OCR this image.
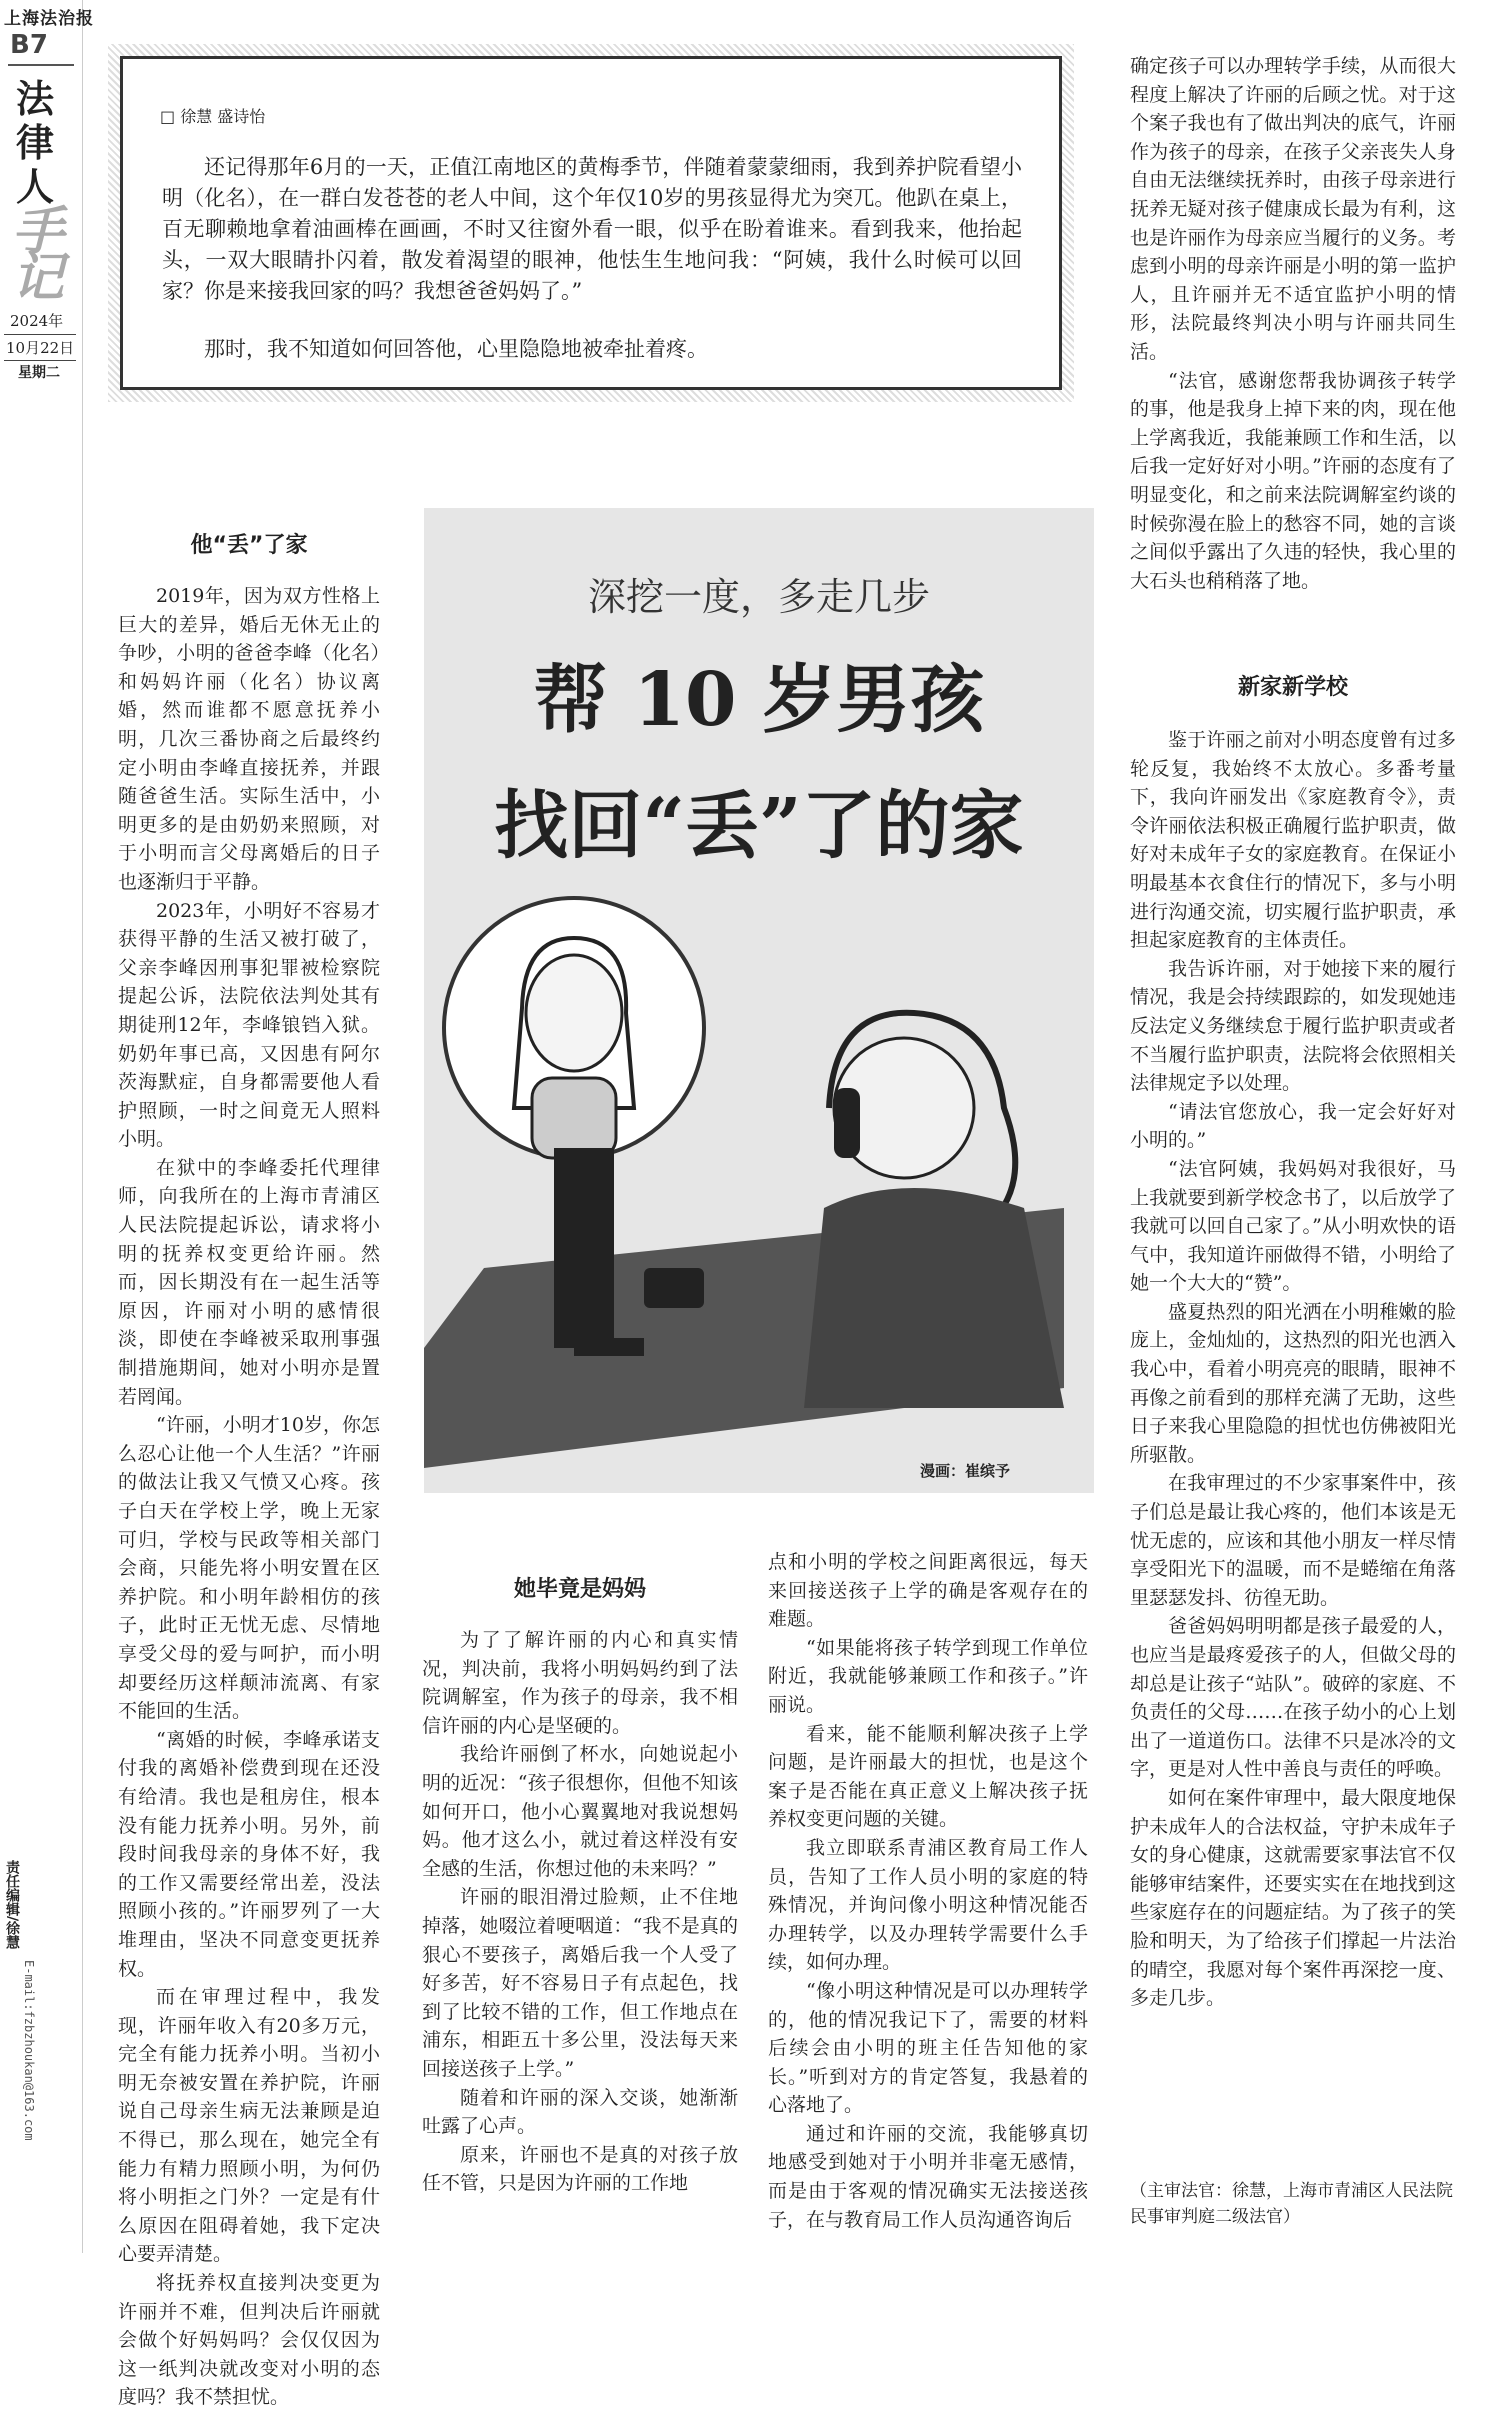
上海法治报
B7
法
律
人
手
记
2024年
10月22日
星期二
责任编辑/徐慧
E-mail:fzbzhoukan@163.com
□ 徐慧 盛诗怡
还记得那年6月的一天，正值江南地区的黄梅季节，伴随着蒙蒙细雨，我到养护院看望小明（化名），在一群白发苍苍的老人中间，这个年仅10岁的男孩显得尤为突兀。他趴在桌上，百无聊赖地拿着油画棒在画画，不时又往窗外看一眼，似乎在盼着谁来。看到我来，他抬起头，一双大眼睛扑闪着，散发着渴望的眼神，他怯生生地问我：“阿姨，我什么时候可以回家？你是来接我回家的吗？我想爸爸妈妈了。”
那时，我不知道如何回答他，心里隐隐地被牵扯着疼。
深挖一度，多走几步
帮 10 岁男孩
找回“丢”了的家
漫画：崔缤予
他“丢”了家

2019年，因为双方性格上巨大的差异，婚后无休无止的争吵，小明的爸爸李峰（化名）和妈妈许丽（化名）协议离婚，然而谁都不愿意抚养小明，几次三番协商之后最终约定小明由李峰直接抚养，并跟随爸爸生活。实际生活中，小明更多的是由奶奶来照顾，对于小明而言父母离婚后的日子也逐渐归于平静。

2023年，小明好不容易才获得平静的生活又被打破了，父亲李峰因刑事犯罪被检察院提起公诉，法院依法判处其有期徒刑12年，李峰锒铛入狱。奶奶年事已高，又因患有阿尔茨海默症，自身都需要他人看护照顾，一时之间竟无人照料小明。

在狱中的李峰委托代理律师，向我所在的上海市青浦区人民法院提起诉讼，请求将小明的抚养权变更给许丽。然而，因长期没有在一起生活等原因，许丽对小明的感情很淡，即使在李峰被采取刑事强制措施期间，她对小明亦是置若罔闻。

“许丽，小明才10岁，你怎么忍心让他一个人生活？”许丽的做法让我又气愤又心疼。孩子白天在学校上学，晚上无家可归，学校与民政等相关部门会商，只能先将小明安置在区养护院。和小明年龄相仿的孩子，此时正无忧无虑、尽情地享受父母的爱与呵护，而小明却要经历这样颠沛流离、有家不能回的生活。

“离婚的时候，李峰承诺支付我的离婚补偿费到现在还没有给清。我也是租房住，根本没有能力抚养小明。另外，前段时间我母亲的身体不好，我的工作又需要经常出差，没法照顾小孩的。”许丽罗列了一大堆理由，坚决不同意变更抚养权。

而在审理过程中，我发现，许丽年收入有20多万元，完全有能力抚养小明。当初小明无奈被安置在养护院，许丽说自己母亲生病无法兼顾是迫不得已，那么现在，她完全有能力有精力照顾小明，为何仍将小明拒之门外？一定是有什么原因在阻碍着她，我下定决心要弄清楚。

将抚养权直接判决变更为许丽并不难，但判决后许丽就会做个好妈妈吗？会仅仅因为这一纸判决就改变对小明的态度吗？我不禁担忧。

她毕竟是妈妈

为了了解许丽的内心和真实情况，判决前，我将小明妈妈约到了法院调解室，作为孩子的母亲，我不相信许丽的内心是坚硬的。

我给许丽倒了杯水，向她说起小明的近况：“孩子很想你，但他不知该如何开口，他小心翼翼地对我说想妈妈。他才这么小，就过着这样没有安全感的生活，你想过他的未来吗？”

许丽的眼泪滑过脸颊，止不住地掉落，她啜泣着哽咽道：“我不是真的狠心不要孩子，离婚后我一个人受了好多苦，好不容易日子有点起色，找到了比较不错的工作，但工作地点在浦东，相距五十多公里，没法每天来回接送孩子上学。”

随着和许丽的深入交谈，她渐渐吐露了心声。

原来，许丽也不是真的对孩子放任不管，只是因为许丽的工作地

点和小明的学校之间距离很远，每天来回接送孩子上学的确是客观存在的难题。

“如果能将孩子转学到现工作单位附近，我就能够兼顾工作和孩子。”许丽说。

看来，能不能顺利解决孩子上学问题，是许丽最大的担忧，也是这个案子是否能在真正意义上解决孩子抚养权变更问题的关键。

我立即联系青浦区教育局工作人员，告知了工作人员小明的家庭的特殊情况，并询问像小明这种情况能否办理转学，以及办理转学需要什么手续，如何办理。

“像小明这种情况是可以办理转学的，他的情况我记下了，需要的材料后续会由小明的班主任告知他的家长。”听到对方的肯定答复，我悬着的心落地了。

通过和许丽的交流，我能够真切地感受到她对于小明并非毫无感情，而是由于客观的情况确实无法接送孩子，在与教育局工作人员沟通咨询后

确定孩子可以办理转学手续，从而很大程度上解决了许丽的后顾之忧。对于这个案子我也有了做出判决的底气，许丽作为孩子的母亲，在孩子父亲丧失人身自由无法继续抚养时，由孩子母亲进行抚养无疑对孩子健康成长最为有利，这也是许丽作为母亲应当履行的义务。考虑到小明的母亲许丽是小明的第一监护人，且许丽并无不适宜监护小明的情形，法院最终判决小明与许丽共同生活。

“法官，感谢您帮我协调孩子转学的事，他是我身上掉下来的肉，现在他上学离我近，我能兼顾工作和生活，以后我一定好好对小明。”许丽的态度有了明显变化，和之前来法院调解室约谈的时候弥漫在脸上的愁容不同，她的言谈之间似乎露出了久违的轻快，我心里的大石头也稍稍落了地。

新家新学校

鉴于许丽之前对小明态度曾有过多轮反复，我始终不太放心。多番考量下，我向许丽发出《家庭教育令》，责令许丽依法积极正确履行监护职责，做好对未成年子女的家庭教育。在保证小明最基本衣食住行的情况下，多与小明进行沟通交流，切实履行监护职责，承担起家庭教育的主体责任。

我告诉许丽，对于她接下来的履行情况，我是会持续跟踪的，如发现她违反法定义务继续怠于履行监护职责或者不当履行监护职责，法院将会依照相关法律规定予以处理。

“请法官您放心，我一定会好好对小明的。”

“法官阿姨，我妈妈对我很好，马上我就要到新学校念书了，以后放学了我就可以回自己家了。”从小明欢快的语气中，我知道许丽做得不错，小明给了她一个大大的“赞”。

盛夏热烈的阳光洒在小明稚嫩的脸庞上，金灿灿的，这热烈的阳光也洒入我心中，看着小明亮亮的眼睛，眼神不再像之前看到的那样充满了无助，这些日子来我心里隐隐的担忧也仿佛被阳光所驱散。

在我审理过的不少家事案件中，孩子们总是最让我心疼的，他们本该是无忧无虑的，应该和其他小朋友一样尽情享受阳光下的温暖，而不是蜷缩在角落里瑟瑟发抖、彷徨无助。

爸爸妈妈明明都是孩子最爱的人，也应当是最疼爱孩子的人，但做父母的却总是让孩子“站队”。破碎的家庭、不负责任的父母……在孩子幼小的心上划出了一道道伤口。法律不只是冰冷的文字，更是对人性中善良与责任的呼唤。

如何在案件审理中，最大限度地保护未成年人的合法权益，守护未成年子女的身心健康，这就需要家事法官不仅能够审结案件，还要实实在在地找到这些家庭存在的问题症结。为了孩子的笑脸和明天，为了给孩子们撑起一片法治的晴空，我愿对每个案件再深挖一度、多走几步。

（主审法官：徐慧，上海市青浦区人民法院民事审判庭二级法官）
